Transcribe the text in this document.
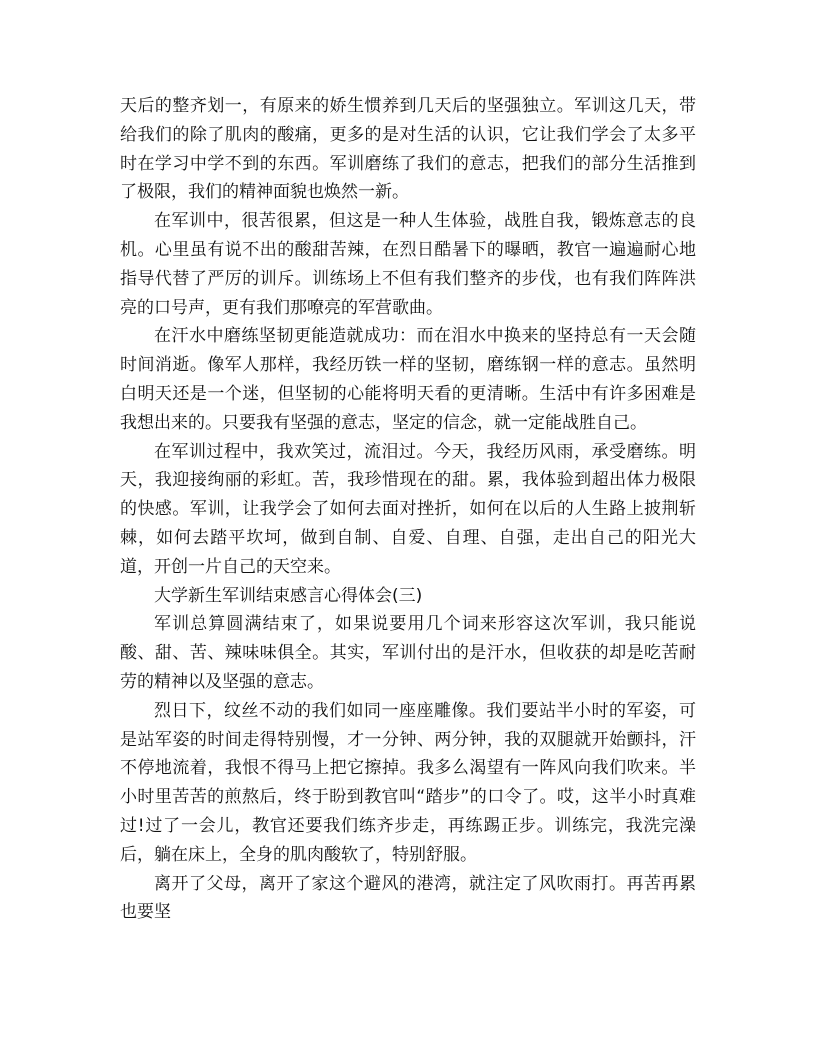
天后的整齐划一，有原来的娇生惯养到几天后的坚强独立。军训这几天，带给我们的除了肌肉的酸痛，更多的是对生活的认识，它让我们学会了太多平时在学习中学不到的东西。军训磨练了我们的意志，把我们的部分生活推到了极限，我们的精神面貌也焕然一新。

在军训中，很苦很累，但这是一种人生体验，战胜自我，锻炼意志的良机。心里虽有说不出的酸甜苦辣，在烈日酷暑下的曝晒，教官一遍遍耐心地指导代替了严厉的训斥。训练场上不但有我们整齐的步伐，也有我们阵阵洪亮的口号声，更有我们那嘹亮的军营歌曲。

在汗水中磨练坚韧更能造就成功：而在泪水中换来的坚持总有一天会随时间消逝。像军人那样，我经历铁一样的坚韧，磨练钢一样的意志。虽然明白明天还是一个迷，但坚韧的心能将明天看的更清晰。生活中有许多困难是我想出来的。只要我有坚强的意志，坚定的信念，就一定能战胜自己。

在军训过程中，我欢笑过，流泪过。今天，我经历风雨，承受磨练。明天，我迎接绚丽的彩虹。苦，我珍惜现在的甜。累，我体验到超出体力极限的快感。军训，让我学会了如何去面对挫折，如何在以后的人生路上披荆斩棘，如何去踏平坎坷，做到自制、自爱、自理、自强，走出自己的阳光大道，开创一片自己的天空来。

大学新生军训结束感言心得体会(三)

军训总算圆满结束了，如果说要用几个词来形容这次军训，我只能说 酸、甜、苦、辣味味俱全。其实，军训付出的是汗水，但收获的却是吃苦耐劳的精神以及坚强的意志。

烈日下，纹丝不动的我们如同一座座雕像。我们要站半小时的军姿，可是站军姿的时间走得特别慢，才一分钟、两分钟，我的双腿就开始颤抖，汗不停地流着，我恨不得马上把它擦掉。我多么渴望有一阵风向我们吹来。半小时里苦苦的煎熬后，终于盼到教官叫“踏步”的口令了。哎，这半小时真难过!过了一会儿，教官还要我们练齐步走，再练踢正步。训练完，我洗完澡后，躺在床上，全身的肌肉酸软了，特别舒服。

离开了父母，离开了家这个避风的港湾，就注定了风吹雨打。再苦再累也要坚
